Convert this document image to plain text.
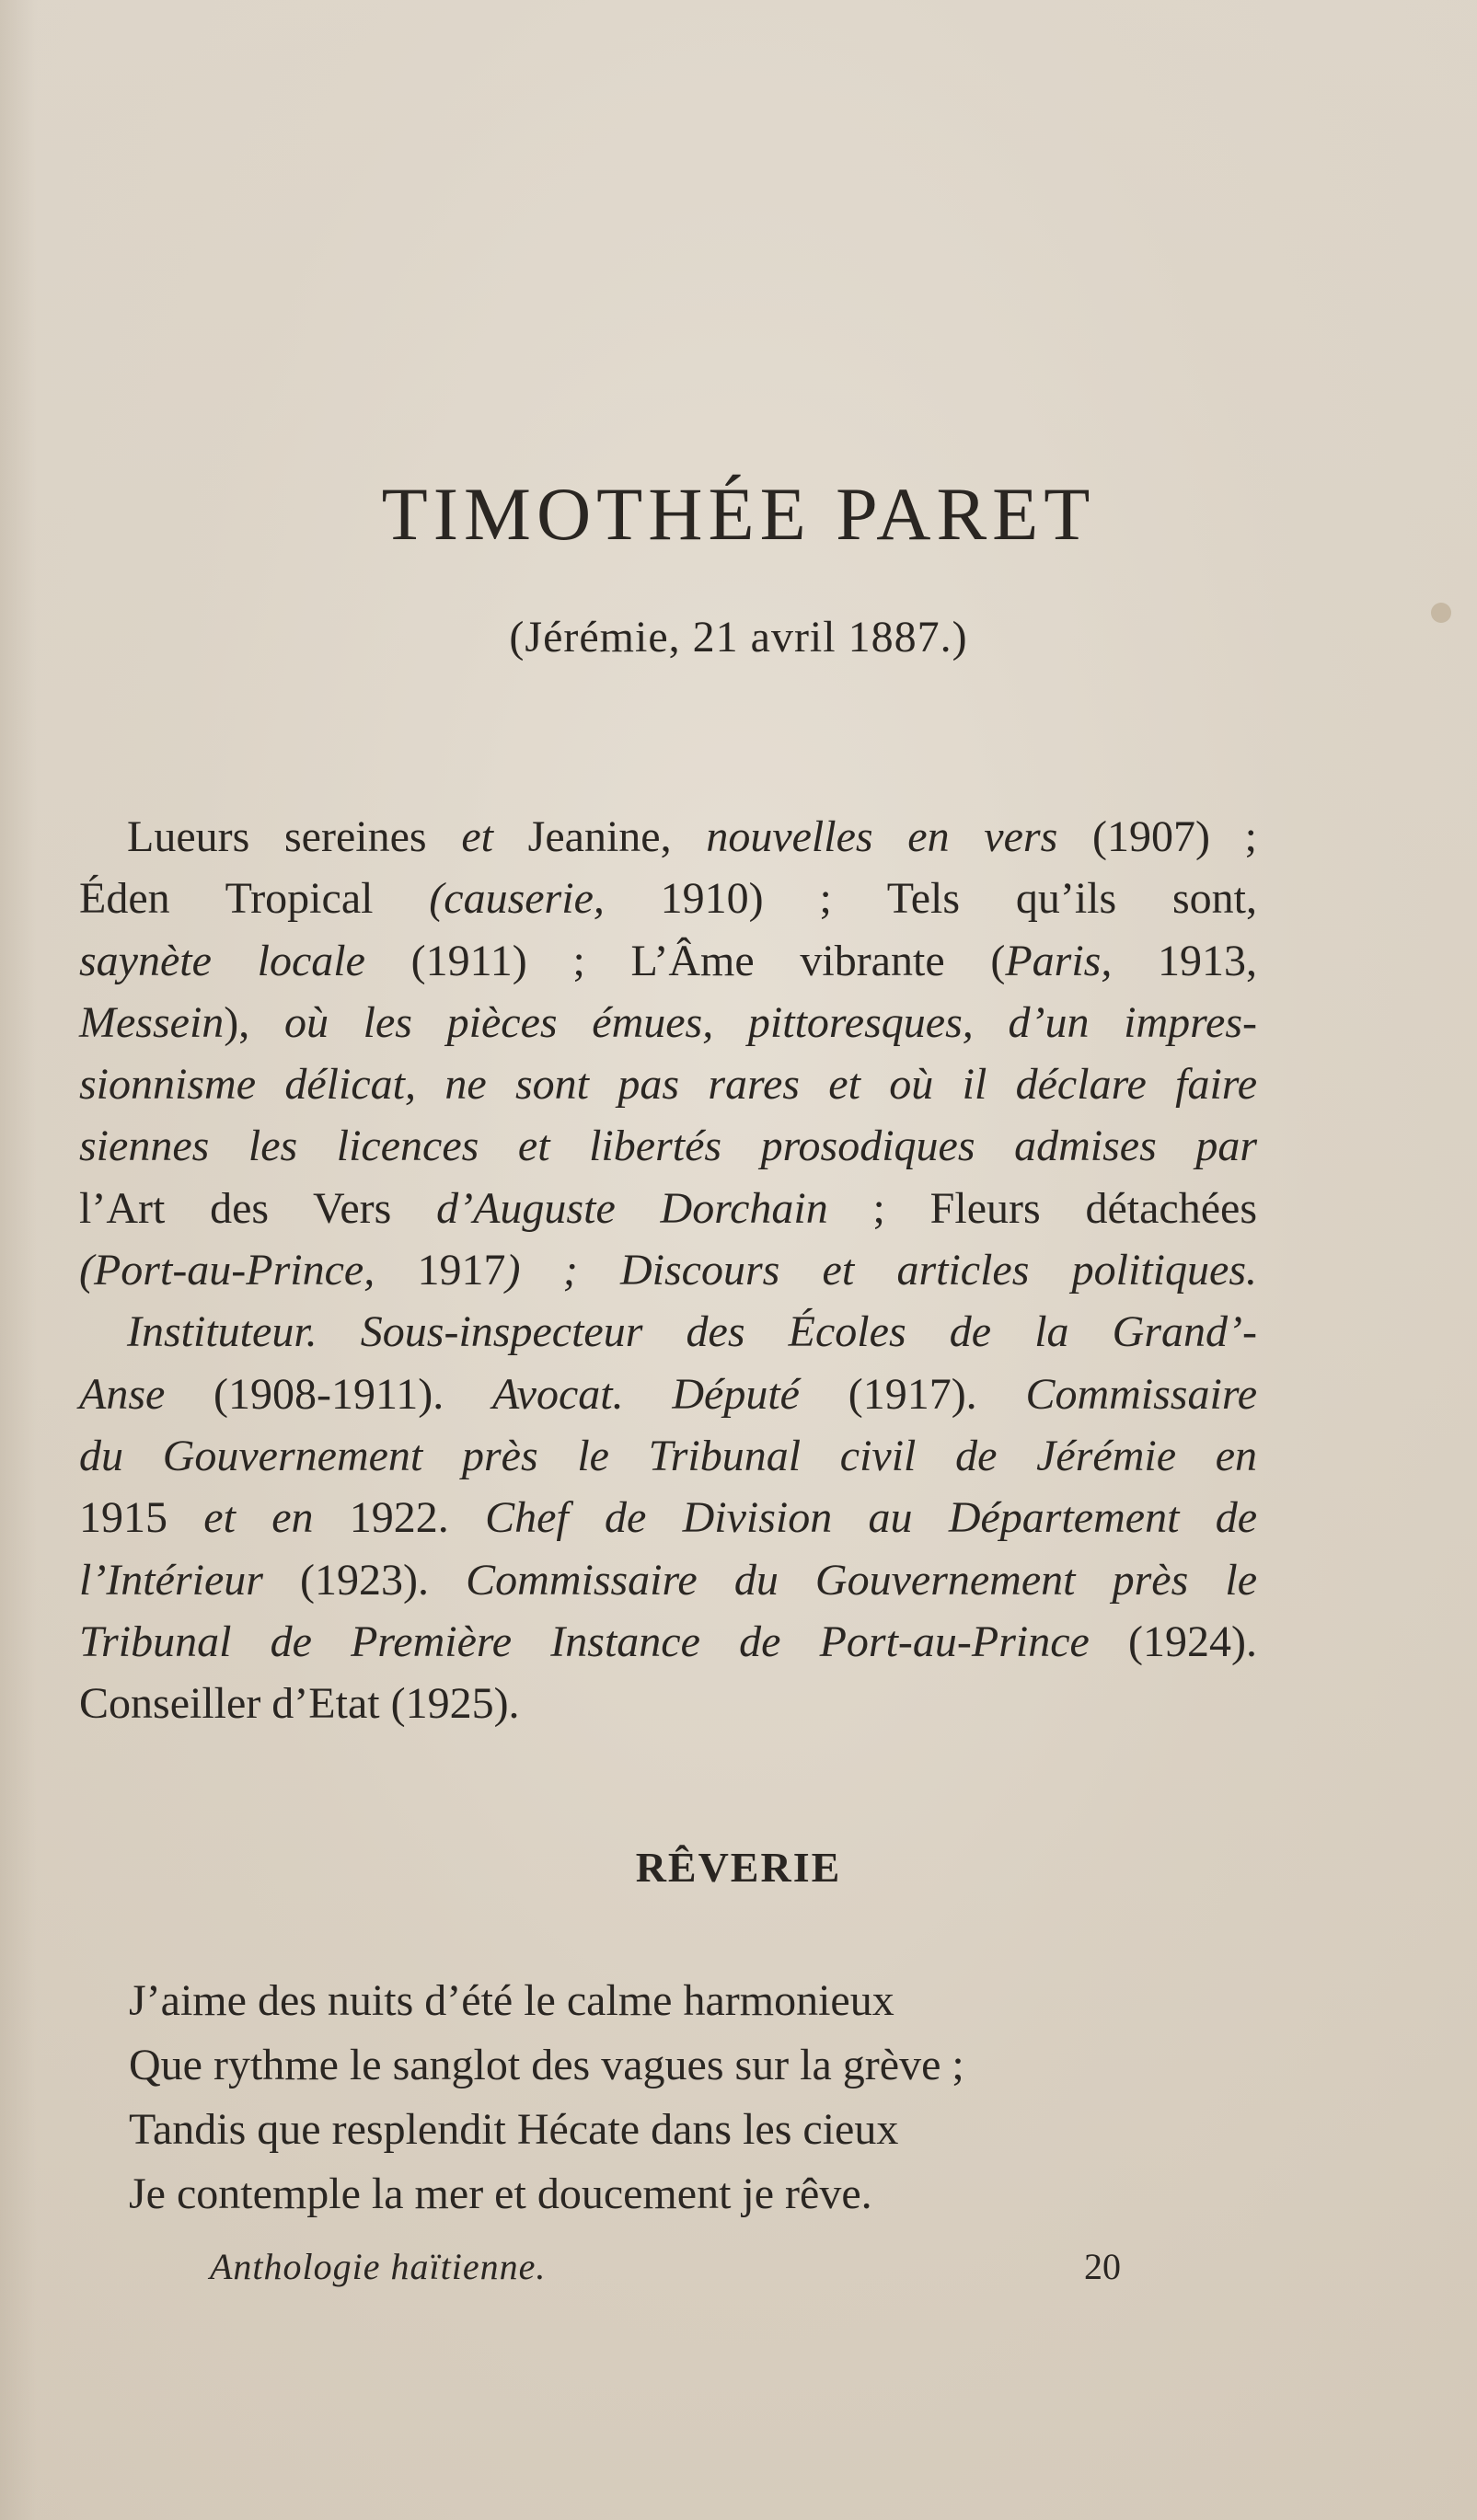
TIMOTHÉE PARET
(Jérémie, 21 avril 1887.)
Lueurs sereines et Jeanine, nouvelles en vers (1907) ;
Éden Tropical (causerie, 1910) ; Tels qu’ils sont,
saynète locale (1911) ; L’Âme vibrante (Paris, 1913,
Messein), où les pièces émues, pittoresques, d’un impres-
sionnisme délicat, ne sont pas rares et où il déclare faire
siennes les licences et libertés prosodiques admises par
l’Art des Vers d’Auguste Dorchain ; Fleurs détachées
(Port-au-Prince, 1917) ; Discours et articles politiques.
Instituteur. Sous-inspecteur des Écoles de la Grand’-
Anse (1908-1911). Avocat. Député (1917). Commissaire
du Gouvernement près le Tribunal civil de Jérémie en
1915 et en 1922. Chef de Division au Département de
l’Intérieur (1923). Commissaire du Gouvernement près le
Tribunal de Première Instance de Port-au-Prince (1924).
Conseiller d’Etat (1925).
RÊVERIE
J’aime des nuits d’été le calme harmonieux
Que rythme le sanglot des vagues sur la grève ;
Tandis que resplendit Hécate dans les cieux
Je contemple la mer et doucement je rêve.
Anthologie haïtienne.	20
